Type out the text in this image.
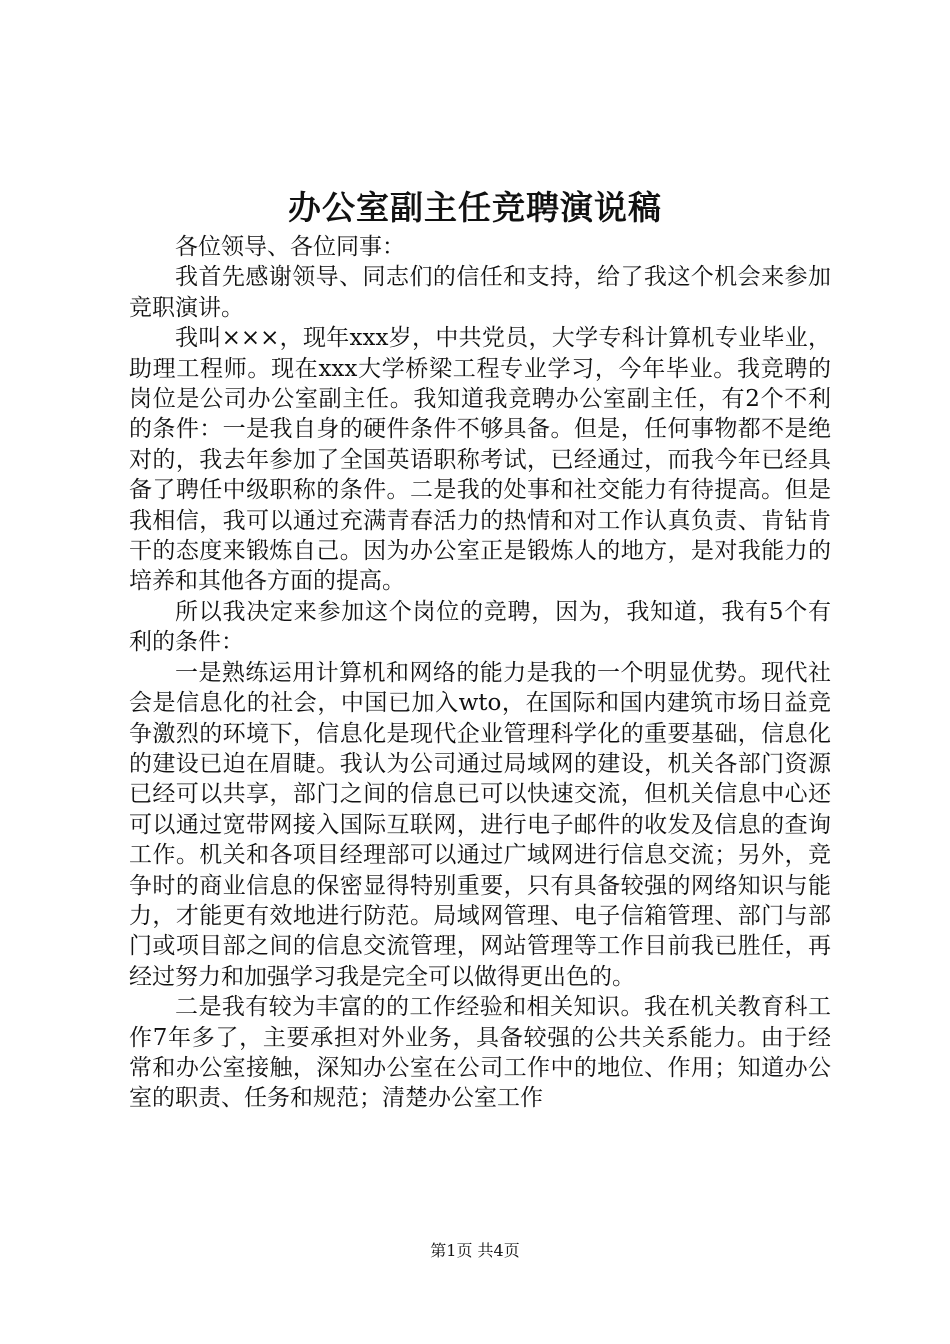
办公室副主任竞聘演说稿

各位领导、各位同事：

我首先感谢领导、同志们的信任和支持，给了我这个机会来参加竞职演讲。

我叫×××，现年xxx岁，中共党员，大学专科计算机专业毕业，助理工程师。现在xxx大学桥梁工程专业学习，今年毕业。我竞聘的岗位是公司办公室副主任。我知道我竞聘办公室副主任，有2个不利的条件：一是我自身的硬件条件不够具备。但是，任何事物都不是绝对的，我去年参加了全国英语职称考试，已经通过，而我今年已经具备了聘任中级职称的条件。二是我的处事和社交能力有待提高。但是我相信，我可以通过充满青春活力的热情和对工作认真负责、肯钻肯干的态度来锻炼自己。因为办公室正是锻炼人的地方，是对我能力的培养和其他各方面的提高。

所以我决定来参加这个岗位的竞聘，因为，我知道，我有5个有利的条件：

一是熟练运用计算机和网络的能力是我的一个明显优势。现代社会是信息化的社会，中国已加入wto，在国际和国内建筑市场日益竞争激烈的环境下，信息化是现代企业管理科学化的重要基础，信息化的建设已迫在眉睫。我认为公司通过局域网的建设，机关各部门资源已经可以共享，部门之间的信息已可以快速交流，但机关信息中心还可以通过宽带网接入国际互联网，进行电子邮件的收发及信息的查询工作。机关和各项目经理部可以通过广域网进行信息交流；另外，竞争时的商业信息的保密显得特别重要，只有具备较强的网络知识与能力，才能更有效地进行防范。局域网管理、电子信箱管理、部门与部门或项目部之间的信息交流管理，网站管理等工作目前我已胜任，再经过努力和加强学习我是完全可以做得更出色的。

二是我有较为丰富的的工作经验和相关知识。我在机关教育科工作7年多了，主要承担对外业务，具备较强的公共关系能力。由于经常和办公室接触，深知办公室在公司工作中的地位、作用；知道办公室的职责、任务和规范；清楚办公室工作

第1页 共4页
